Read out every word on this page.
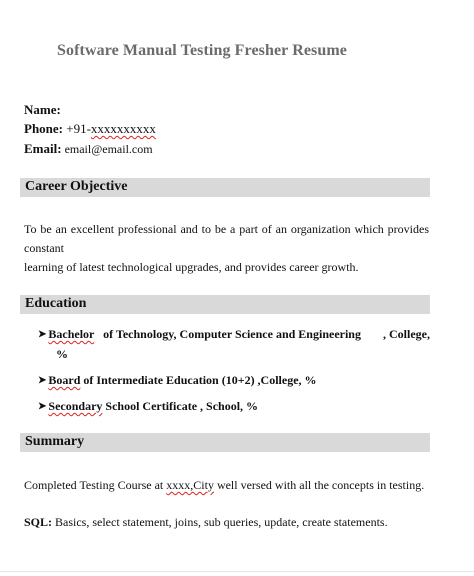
Software Manual Testing Fresher Resume
Name:
Phone: +91-xxxxxxxxxx
Email: email@email.com
Career Objective
To be an excellent professional and to be a part of an organization which provides constant
learning of latest technological upgrades, and provides career growth.
Education
➤ Bachelor of Technology, Computer Science and Engineering , College,
%
➤ Board of Intermediate Education (10+2) ,College, %
➤ Secondary School Certificate , School, %
Summary
Completed Testing Course at xxxx,City well versed with all the concepts in testing.
SQL: Basics, select statement, joins, sub queries, update, create statements.
